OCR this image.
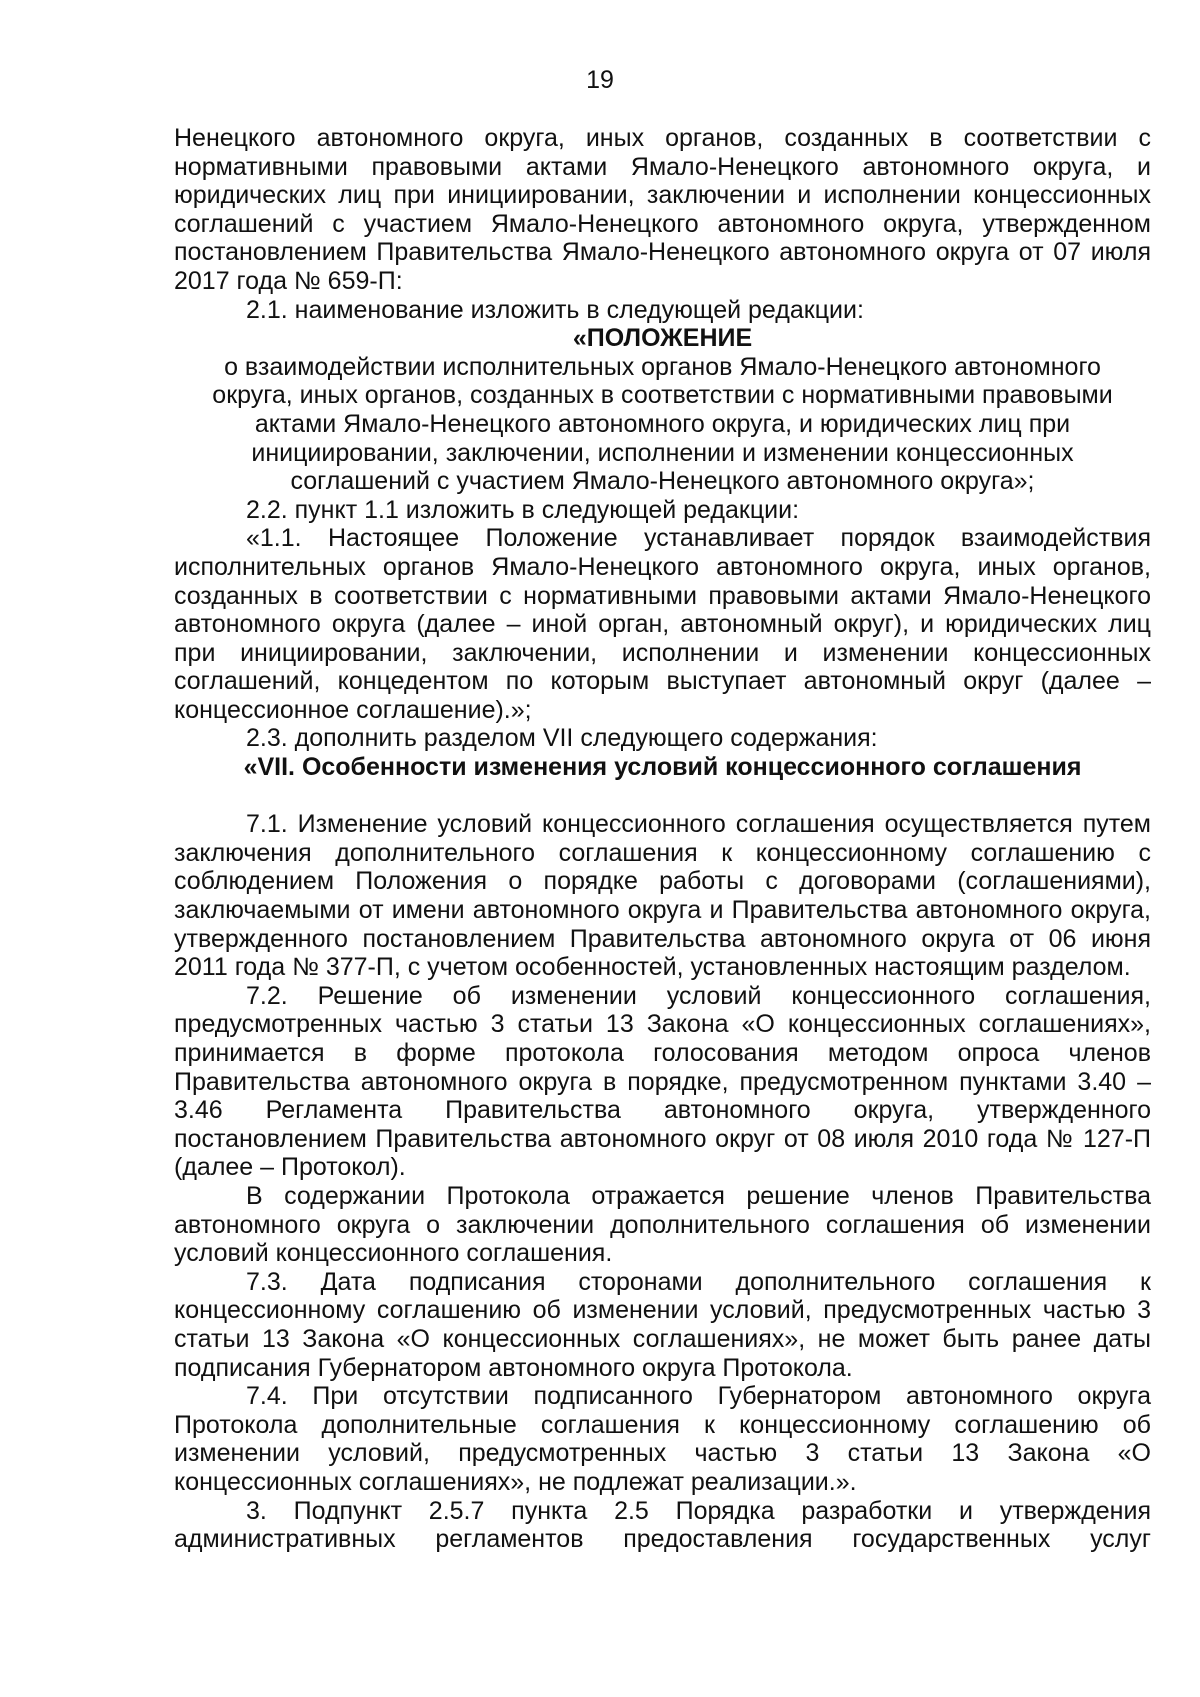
19

Ненецкого автономного округа, иных органов, созданных в соответствии с нормативными правовыми актами Ямало-Ненецкого автономного округа, и юридических лиц при инициировании, заключении и исполнении концессионных соглашений с участием Ямало-Ненецкого автономного округа, утвержденном постановлением Правительства Ямало-Ненецкого автономного округа от 07 июля 2017 года № 659-П:

2.1. наименование изложить в следующей редакции:

«ПОЛОЖЕНИЕ

о взаимодействии исполнительных органов Ямало-Ненецкого автономного округа, иных органов, созданных в соответствии с нормативными правовыми актами Ямало-Ненецкого автономного округа, и юридических лиц при инициировании, заключении, исполнении и изменении концессионных соглашений с участием Ямало-Ненецкого автономного округа»;

2.2. пункт 1.1 изложить в следующей редакции:

«1.1. Настоящее Положение устанавливает порядок взаимодействия исполнительных органов Ямало-Ненецкого автономного округа, иных органов, созданных в соответствии с нормативными правовыми актами Ямало-Ненецкого автономного округа (далее – иной орган, автономный округ), и юридических лиц при инициировании, заключении, исполнении и изменении концессионных соглашений, концедентом по которым выступает автономный округ (далее – концессионное соглашение).»;

2.3. дополнить разделом VII следующего содержания:

«VII. Особенности изменения условий концессионного соглашения

7.1. Изменение условий концессионного соглашения осуществляется путем заключения дополнительного соглашения к концессионному соглашению с соблюдением Положения о порядке работы с договорами (соглашениями), заключаемыми от имени автономного округа и Правительства автономного округа, утвержденного постановлением Правительства автономного округа от 06 июня 2011 года № 377-П, с учетом особенностей, установленных настоящим разделом.

7.2. Решение об изменении условий концессионного соглашения, предусмотренных частью 3 статьи 13 Закона «О концессионных соглашениях», принимается в форме протокола голосования методом опроса членов Правительства автономного округа в порядке, предусмотренном пунктами 3.40 – 3.46 Регламента Правительства автономного округа, утвержденного постановлением Правительства автономного округ от 08 июля 2010 года № 127-П (далее – Протокол).

В содержании Протокола отражается решение членов Правительства автономного округа о заключении дополнительного соглашения об изменении условий концессионного соглашения.

7.3. Дата подписания сторонами дополнительного соглашения к концессионному соглашению об изменении условий, предусмотренных частью 3 статьи 13 Закона «О концессионных соглашениях», не может быть ранее даты подписания Губернатором автономного округа Протокола.

7.4. При отсутствии подписанного Губернатором автономного округа Протокола дополнительные соглашения к концессионному соглашению об изменении условий, предусмотренных частью 3 статьи 13 Закона «О концессионных соглашениях», не подлежат реализации.».

3. Подпункт 2.5.7 пункта 2.5 Порядка разработки и утверждения административных регламентов предоставления государственных услуг
